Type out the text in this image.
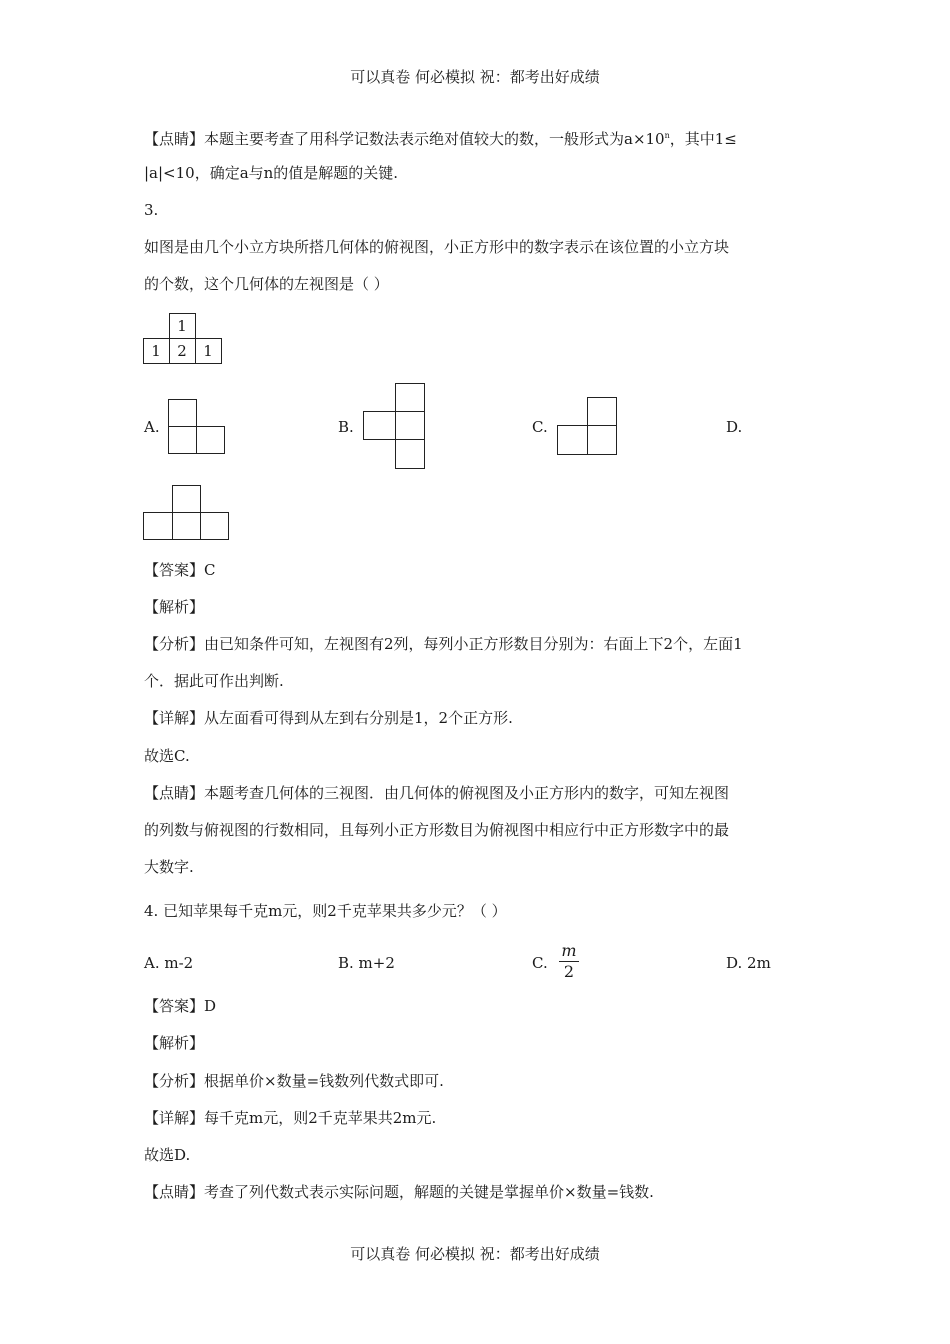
可以真卷 何必模拟 祝：都考出好成绩
【点睛】本题主要考查了用科学记数法表示绝对值较大的数，一般形式为$a\times 10^n$，其中1≤
|a|<10，确定a与n的值是解题的关键.
3.
如图是由几个小立方块所搭几何体的俯视图，小正方形中的数字表示在该位置的小立方块
的个数，这个几何体的左视图是（ ）
1
1	2	1
A.	B.	C.	D.
【答案】C
【解析】
【分析】由已知条件可知，左视图有2列，每列小正方形数目分别为：右面上下2个，左面1
个．据此可作出判断.
【详解】从左面看可得到从左到右分别是1，2个正方形.
故选C.
【点睛】本题考查几何体的三视图．由几何体的俯视图及小正方形内的数字，可知左视图
的列数与俯视图的行数相同，且每列小正方形数目为俯视图中相应行中正方形数字中的最
大数字.
4. 已知苹果每千克m元，则2千克苹果共多少元？（ ）
A. m-2	B. m+2	C.
m
2	D. 2m
【答案】D
【解析】
【分析】根据单价×数量=钱数列代数式即可.
【详解】每千克m元，则2千克苹果共2m元.
故选D.
【点睛】考查了列代数式表示实际问题，解题的关键是掌握单价×数量=钱数.
可以真卷 何必模拟 祝：都考出好成绩
